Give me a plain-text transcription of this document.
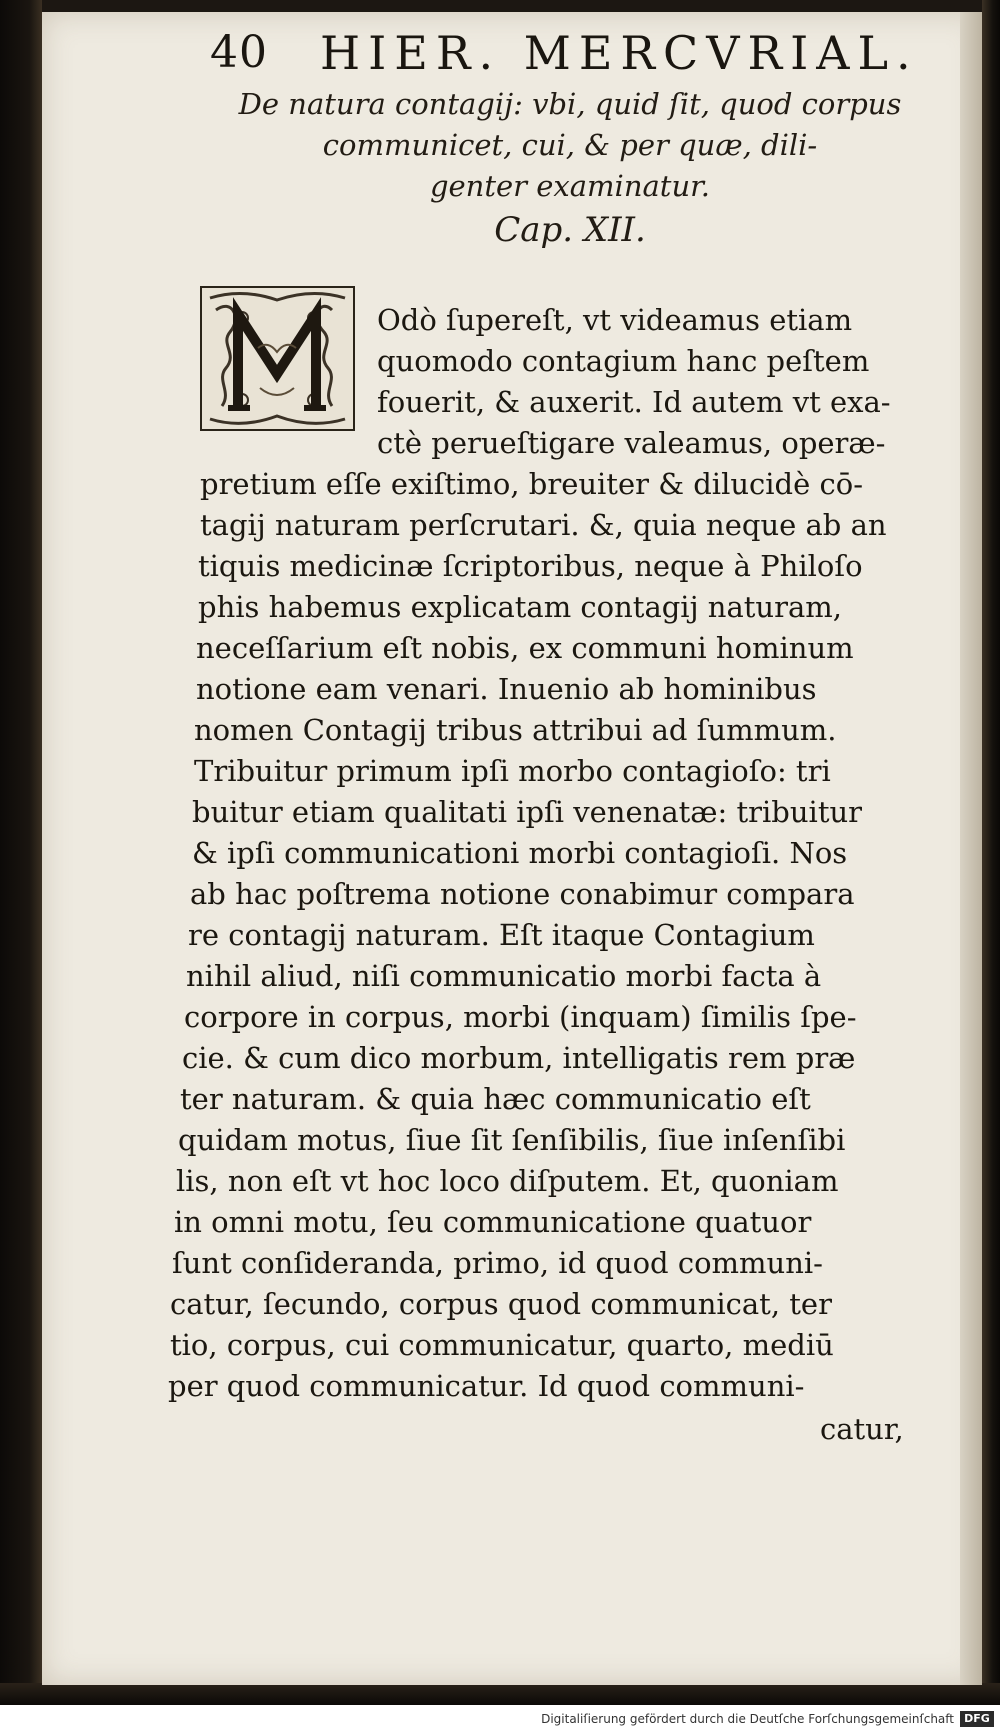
40 HIER. MERCVRIAL.
De natura contagij: vbi, quid ſit, quod corpus
communicet, cui, & per quæ, dili-
genter examinatur.
Cap. XII.
Odò ſupereſt, vt videamus etiam
quomodo contagium hanc peſtem
fouerit, & auxerit. Id autem vt exa-
ctè perueſtigare valeamus, operæ-
pretium eſſe exiſtimo, breuiter & dilucidè cō-
tagij naturam perſcrutari. &, quia neque ab an
tiquis medicinæ ſcriptoribus, neque à Philoſo
phis habemus explicatam contagij naturam,
neceſſarium eſt nobis, ex communi hominum
notione eam venari. Inuenio ab hominibus
nomen Contagij tribus attribui ad ſummum.
Tribuitur primum ipſi morbo contagioſo: tri
buitur etiam qualitati ipſi venenatæ: tribuitur
& ipſi communicationi morbi contagioſi. Nos
ab hac poſtrema notione conabimur compara
re contagij naturam. Eſt itaque Contagium
nihil aliud, niſi communicatio morbi facta à
corpore in corpus, morbi (inquam) ſimilis ſpe-
cie. & cum dico morbum, intelligatis rem præ
ter naturam. & quia hæc communicatio eſt
quidam motus, ſiue ſit ſenſibilis, ſiue inſenſibi
lis, non eſt vt hoc loco diſputem. Et, quoniam
in omni motu, ſeu communicatione quatuor
ſunt conſideranda, primo, id quod communi-
catur, ſecundo, corpus quod communicat, ter
tio, corpus, cui communicatur, quarto, mediū
per quod communicatur. Id quod communi-
catur,
Digitaliſierung gefördert durch die Deutſche Forſchungsgemeinſchaft DFG
